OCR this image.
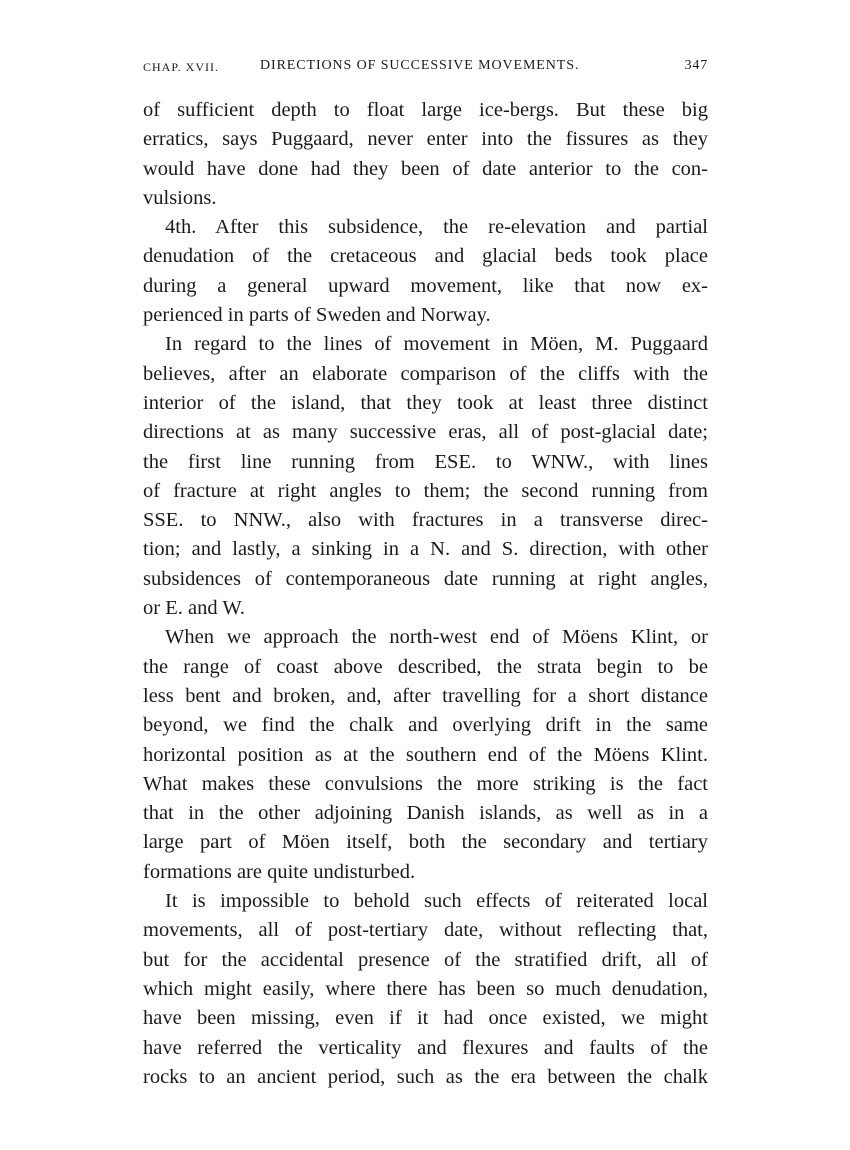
CHAP. XVII.	DIRECTIONS OF SUCCESSIVE MOVEMENTS.	347
of sufficient depth to float large ice-bergs. But these big
erratics, says Puggaard, never enter into the fissures as they
would have done had they been of date anterior to the con-
vulsions.
4th. After this subsidence, the re-elevation and partial
denudation of the cretaceous and glacial beds took place
during a general upward movement, like that now ex-
perienced in parts of Sweden and Norway.
In regard to the lines of movement in Möen, M. Puggaard
believes, after an elaborate comparison of the cliffs with the
interior of the island, that they took at least three distinct
directions at as many successive eras, all of post-glacial date;
the first line running from ESE. to WNW., with lines
of fracture at right angles to them; the second running from
SSE. to NNW., also with fractures in a transverse direc-
tion; and lastly, a sinking in a N. and S. direction, with other
subsidences of contemporaneous date running at right angles,
or E. and W.
When we approach the north-west end of Möens Klint, or
the range of coast above described, the strata begin to be
less bent and broken, and, after travelling for a short distance
beyond, we find the chalk and overlying drift in the same
horizontal position as at the southern end of the Möens Klint.
What makes these convulsions the more striking is the fact
that in the other adjoining Danish islands, as well as in a
large part of Möen itself, both the secondary and tertiary
formations are quite undisturbed.
It is impossible to behold such effects of reiterated local
movements, all of post-tertiary date, without reflecting that,
but for the accidental presence of the stratified drift, all of
which might easily, where there has been so much denudation,
have been missing, even if it had once existed, we might
have referred the verticality and flexures and faults of the
rocks to an ancient period, such as the era between the chalk
